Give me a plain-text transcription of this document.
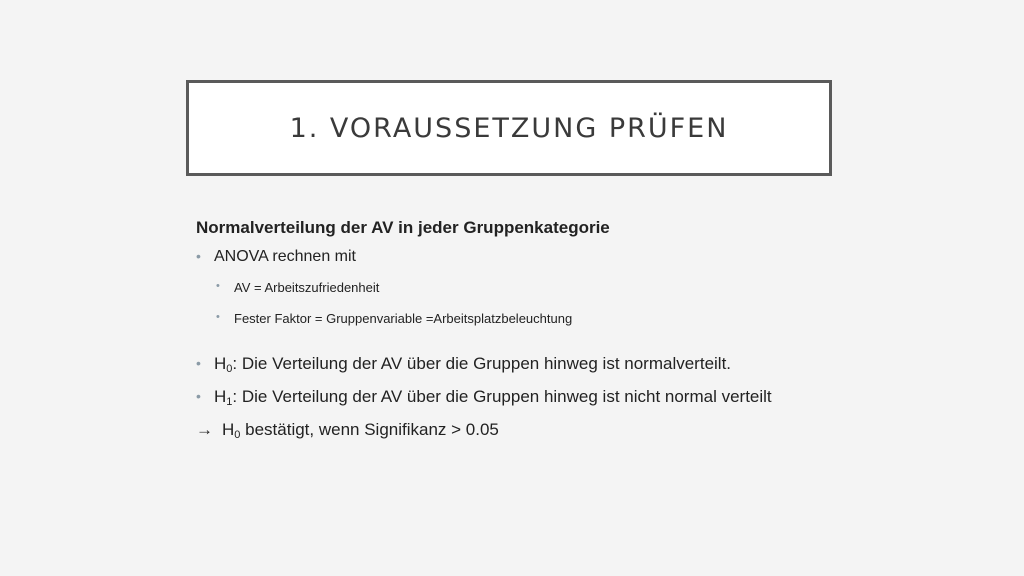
1. VORAUSSETZUNG PRÜFEN
Normalverteilung der AV in jeder Gruppenkategorie
• ANOVA rechnen mit
• AV = Arbeitszufriedenheit
• Fester Faktor = Gruppenvariable =Arbeitsplatzbeleuchtung
• $H_0$: Die Verteilung der AV über die Gruppen hinweg ist normalverteilt.
• $H_1$: Die Verteilung der AV über die Gruppen hinweg ist nicht normal verteilt
→ $H_0$ bestätigt, wenn Signifikanz > 0.05
